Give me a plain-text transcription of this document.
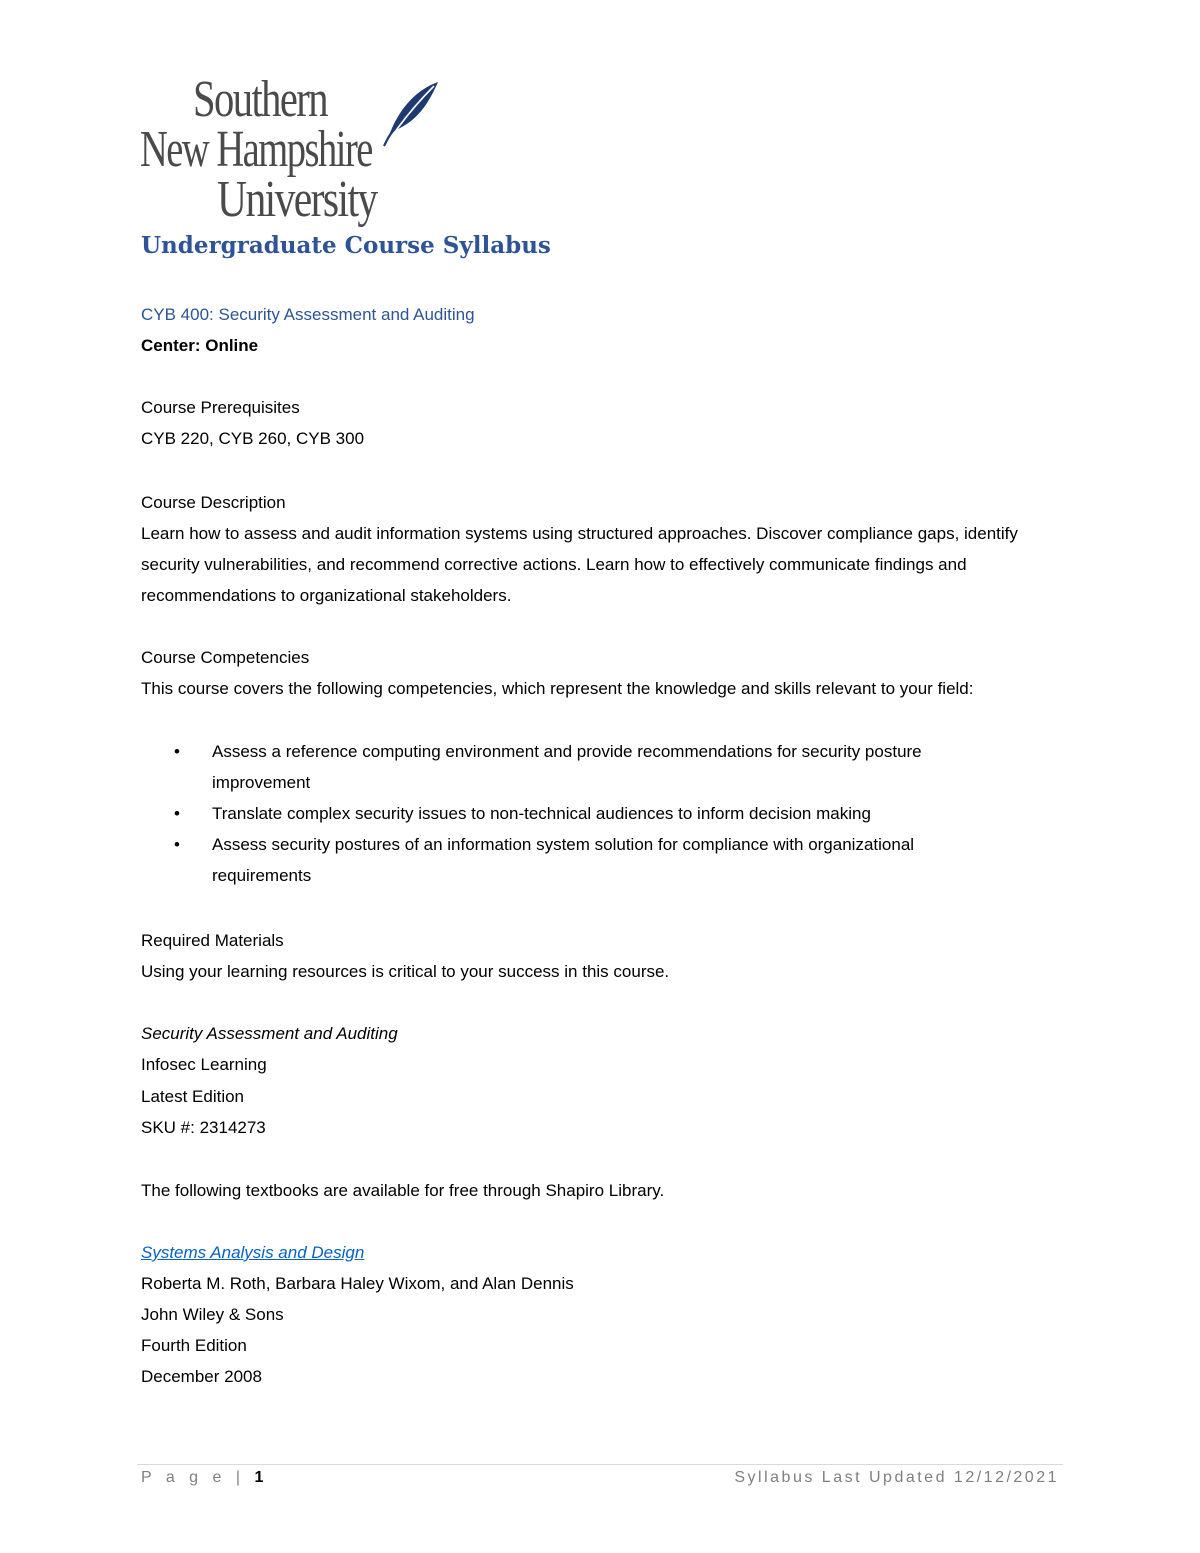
Southern
New Hampshire
University
Undergraduate Course Syllabus
CYB 400: Security Assessment and Auditing
Center: Online
Course Prerequisites
CYB 220, CYB 260, CYB 300
Course Description
Learn how to assess and audit information systems using structured approaches. Discover compliance gaps, identify security vulnerabilities, and recommend corrective actions. Learn how to effectively communicate findings and recommendations to organizational stakeholders.
Course Competencies
This course covers the following competencies, which represent the knowledge and skills relevant to your field:
• Assess a reference computing environment and provide recommendations for security posture improvement
• Translate complex security issues to non-technical audiences to inform decision making
• Assess security postures of an information system solution for compliance with organizational requirements
Required Materials
Using your learning resources is critical to your success in this course.
Security Assessment and Auditing
Infosec Learning
Latest Edition
SKU #: 2314273
The following textbooks are available for free through Shapiro Library.
Systems Analysis and Design
Roberta M. Roth, Barbara Haley Wixom, and Alan Dennis
John Wiley & Sons
Fourth Edition
December 2008
P a g e | 1	Syllabus Last Updated 12/12/2021
